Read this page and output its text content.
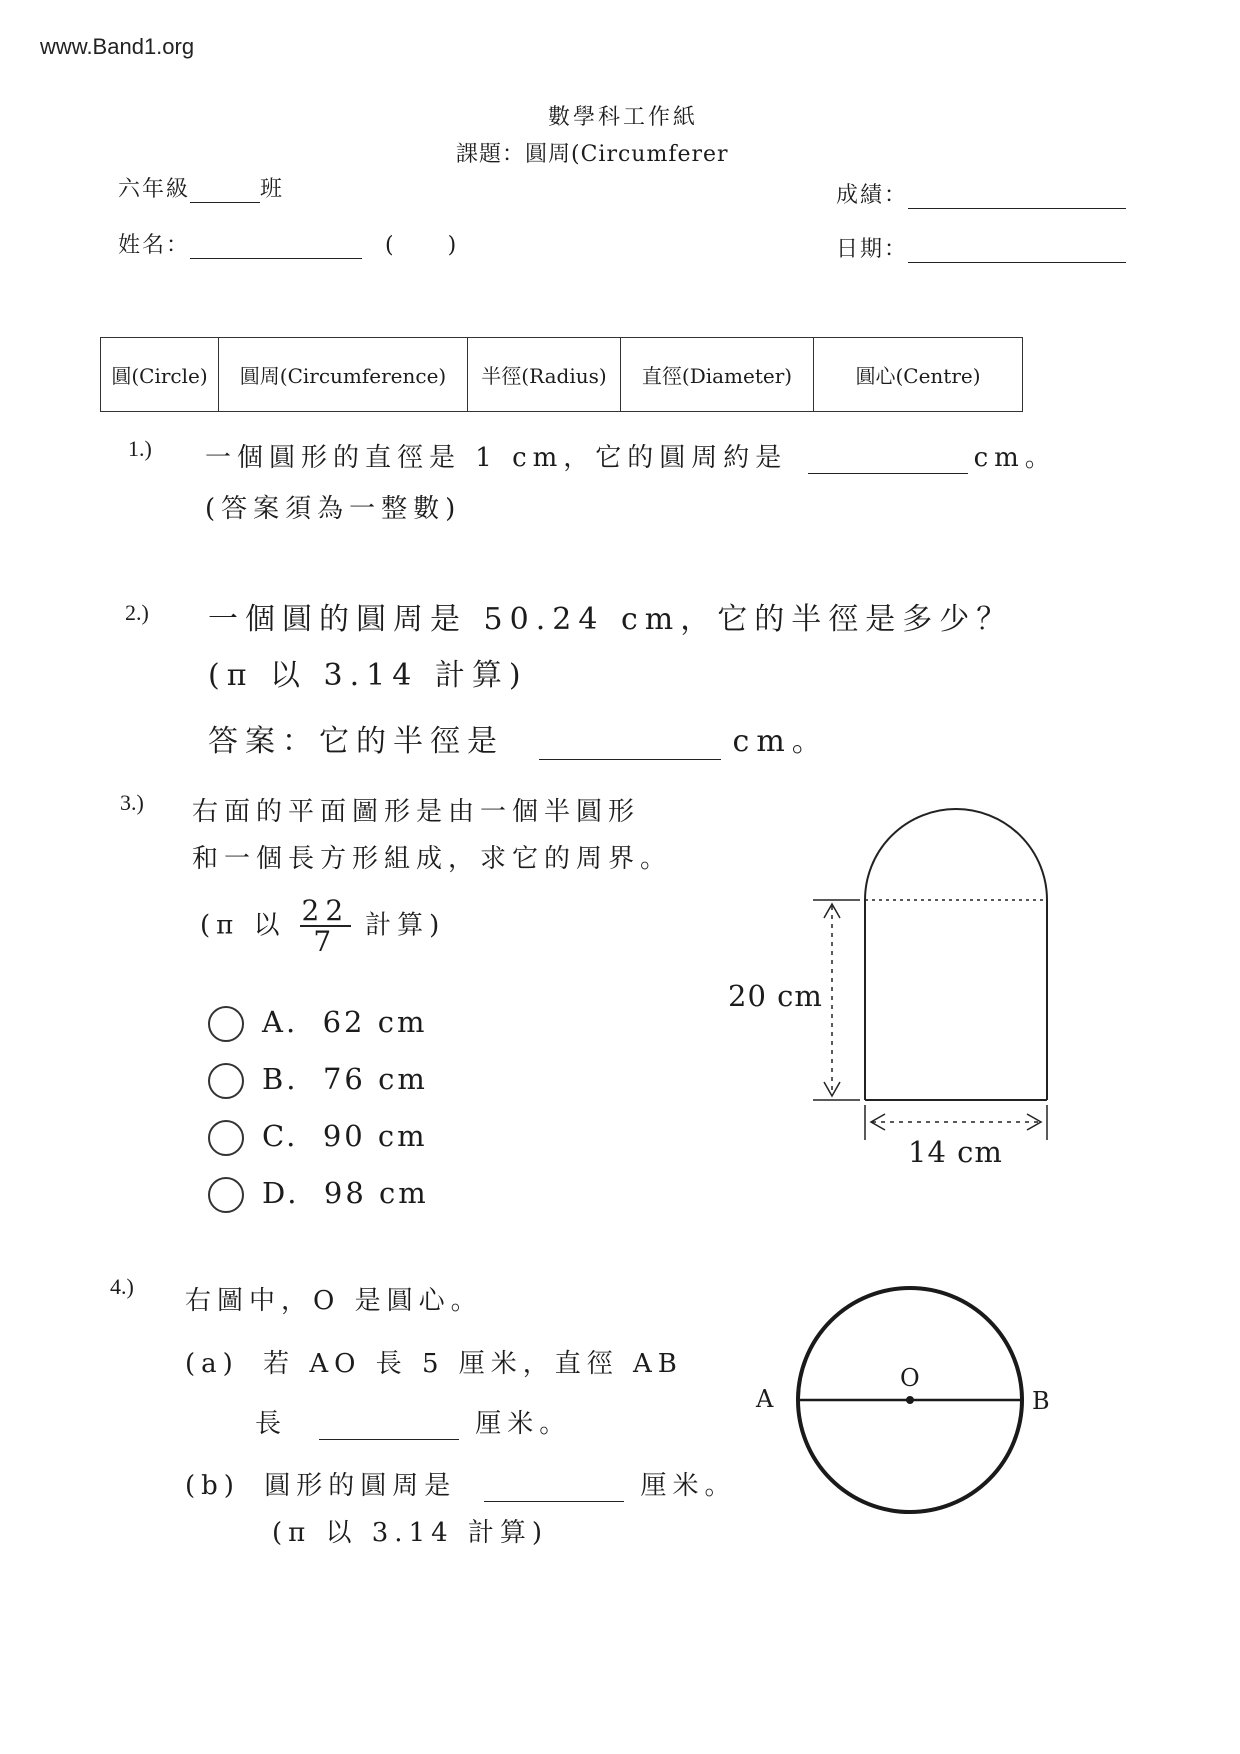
www.Band1.org
數學科工作紙
課題：圓周(Circumferer
六年級	班
姓名：	( )
成績：
日期：
圓(Circle)	圓周(Circumference)	半徑(Radius)	直徑(Diameter)	圓心(Centre)
1.) 一個圓形的直徑是 1 cm，它的圓周約是	cm。
(答案須為一整數)
2.) 一個圓的圓周是 50.24 cm，它的半徑是多少？
(π 以 3.14 計算)
答案：它的半徑是	cm。
3.) 右面的平面圖形是由一個半圓形
和一個長方形組成，求它的周界。
(π 以 $\frac{22}{7}$ 計算)
A. 62 cm
B. 76 cm
C. 90 cm
D. 98 cm
20 cm
14 cm
4.) 右圖中，O 是圓心。
(a) 若 AO 長 5 厘米，直徑 AB
長	厘米。
(b) 圓形的圓周是	厘米。
(π 以 3.14 計算)
A
O
B
